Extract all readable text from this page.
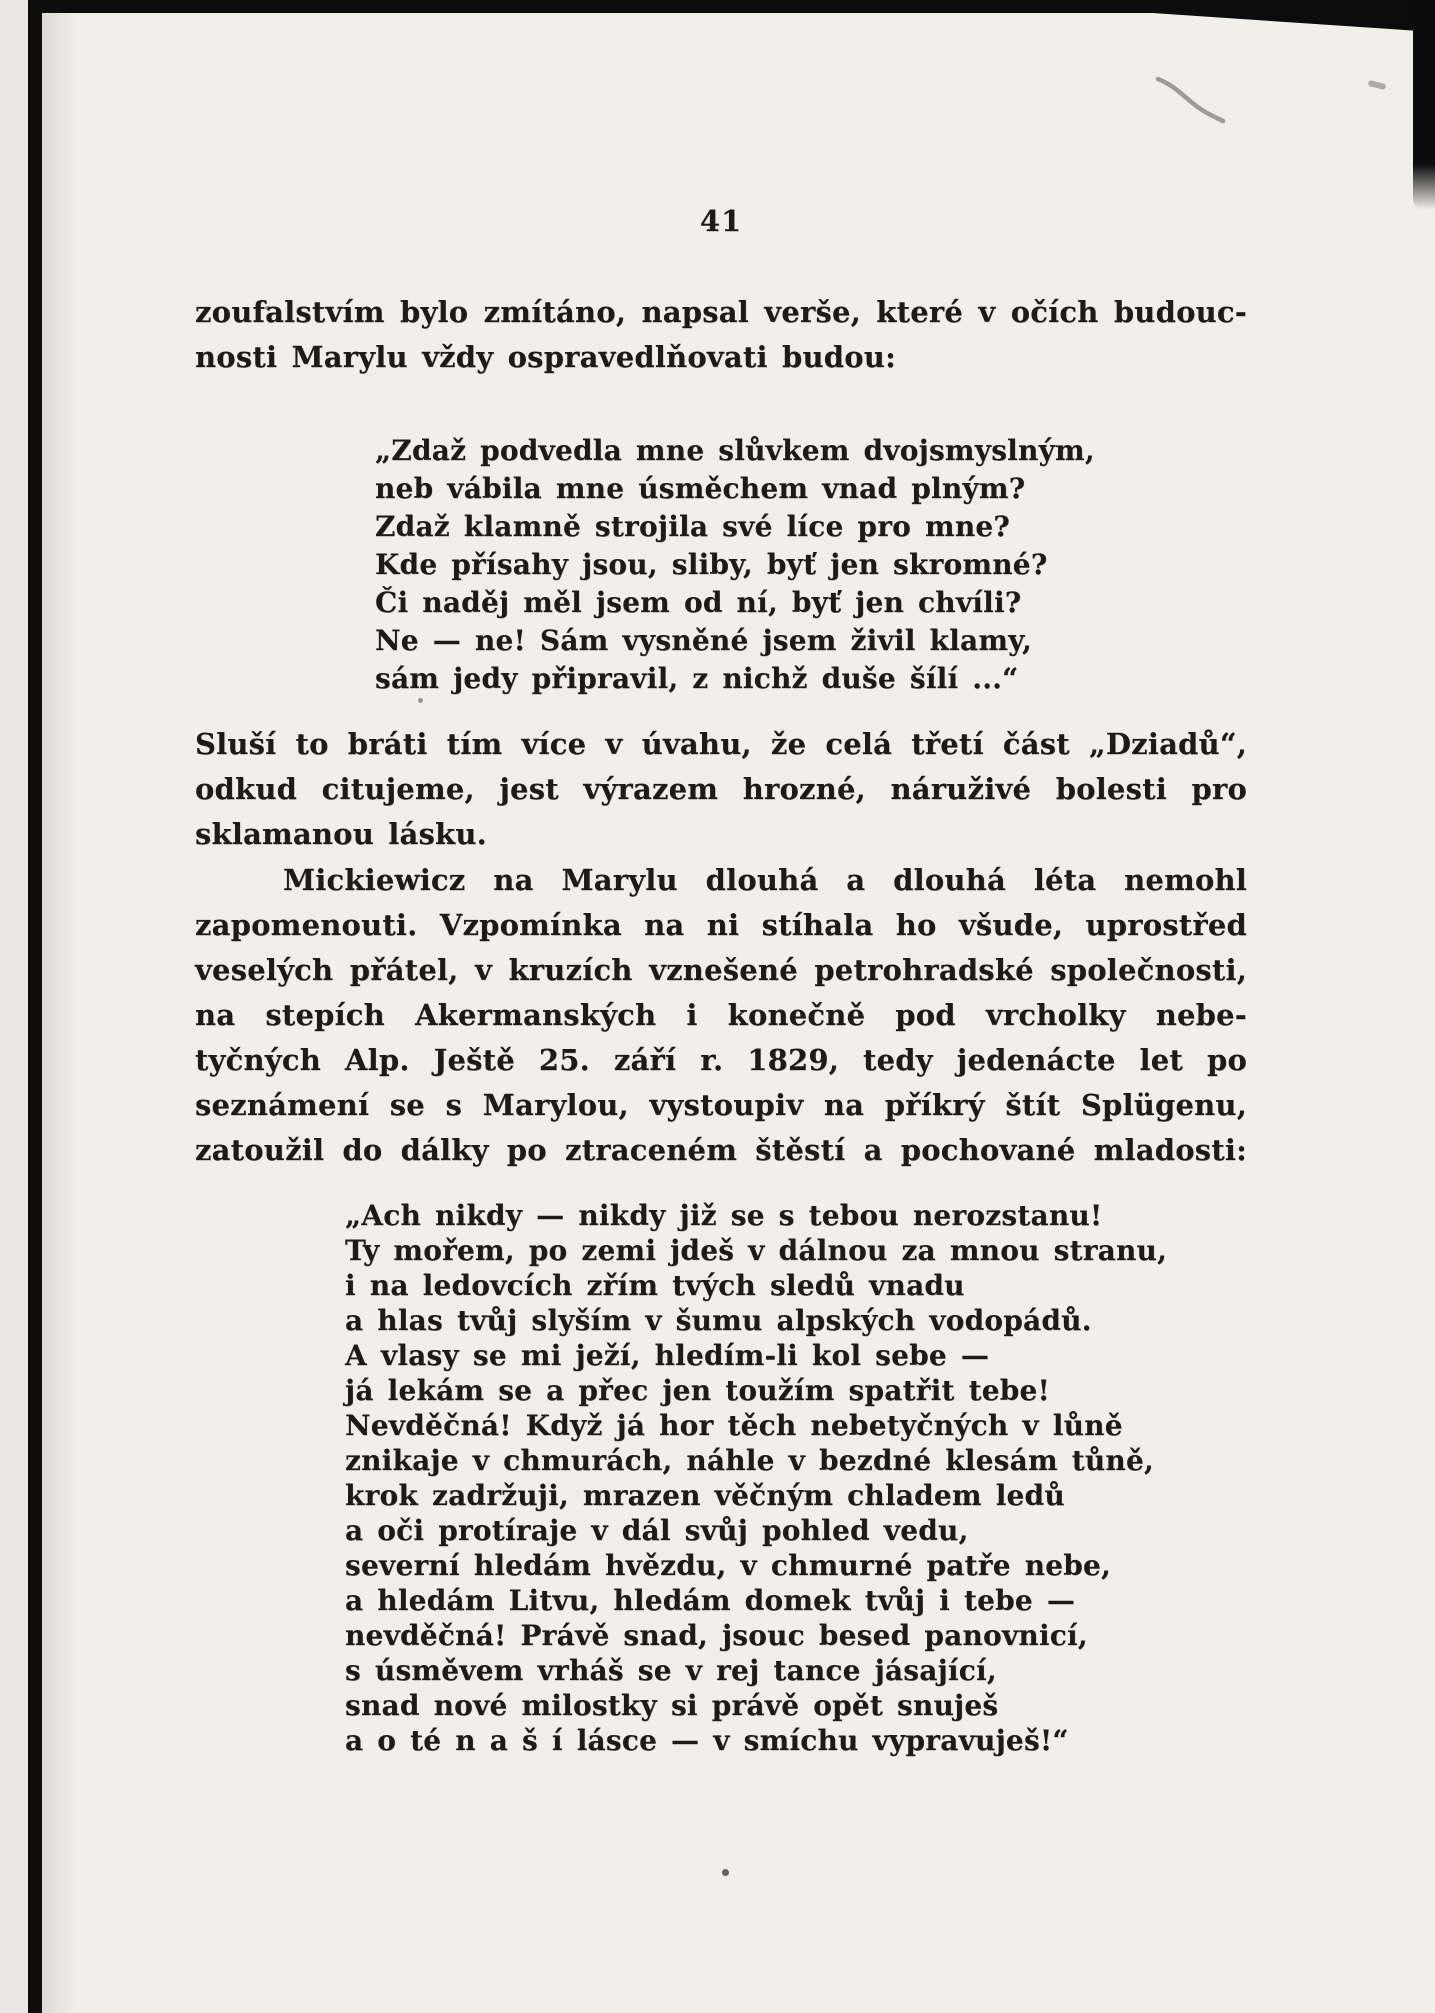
41
zoufalstvím bylo zmítáno, napsal verše, které v očích budouc-
nosti Marylu vždy ospravedlňovati budou:
„Zdaž podvedla mne slůvkem dvojsmyslným,
neb vábila mne úsměchem vnad plným?
Zdaž klamně strojila své líce pro mne?
Kde přísahy jsou, sliby, byť jen skromné?
Či naděj měl jsem od ní, byť jen chvíli?
Ne — ne! Sám vysněné jsem živil klamy,
sám jedy připravil, z nichž duše šílí ...“
Sluší to bráti tím více v úvahu, že celá třetí část „Dziadů“,
odkud citujeme, jest výrazem hrozné, náruživé bolesti pro
sklamanou lásku.
Mickiewicz na Marylu dlouhá a dlouhá léta nemohl
zapomenouti. Vzpomínka na ni stíhala ho všude, uprostřed
veselých přátel, v kruzích vznešené petrohradské společnosti,
na stepích Akermanských i konečně pod vrcholky nebe-
tyčných Alp. Ještě 25. září r. 1829, tedy jedenácte let po
seznámení se s Marylou, vystoupiv na příkrý štít Splügenu,
zatoužil do dálky po ztraceném štěstí a pochované mladosti:
„Ach nikdy — nikdy již se s tebou nerozstanu!
Ty mořem, po zemi jdeš v dálnou za mnou stranu,
i na ledovcích zřím tvých sledů vnadu
a hlas tvůj slyším v šumu alpských vodopádů.
A vlasy se mi ježí, hledím-li kol sebe —
já lekám se a přec jen toužím spatřit tebe!
Nevděčná! Když já hor těch nebetyčných v lůně
znikaje v chmurách, náhle v bezdné klesám tůně,
krok zadržuji, mrazen věčným chladem ledů
a oči protíraje v dál svůj pohled vedu,
severní hledám hvězdu, v chmurné patře nebe,
a hledám Litvu, hledám domek tvůj i tebe —
nevděčná! Právě snad, jsouc besed panovnicí,
s úsměvem vrháš se v rej tance jásající,
snad nové milostky si právě opět snuješ
a o té n a š í lásce — v smíchu vypravuješ!“
